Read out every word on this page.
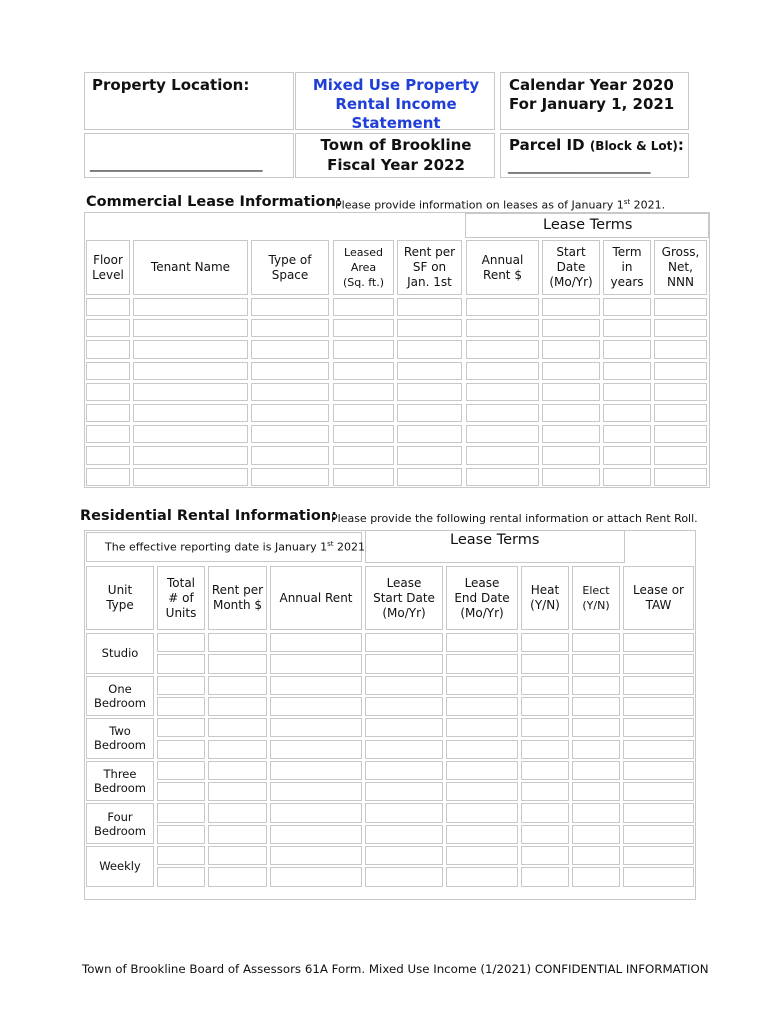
Property Location:
_______________________
Mixed Use Property
Rental Income
Statement
Town of Brookline
Fiscal Year 2022
Calendar Year 2020
For January 1, 2021
Parcel ID (Block & Lot):
___________________
Commercial Lease Information:
Please provide information on leases as of January 1st 2021.
Lease Terms
Floor
Level
Tenant Name
Type of
Space
Leased
Area
(Sq. ft.)
Rent per
SF on
Jan. 1st
Annual
Rent $
Start
Date
(Mo/Yr)
Term
in
years
Gross,
Net,
NNN
Residential Rental Information:
Please provide the following rental information or attach Rent Roll.
The effective reporting date is January 1st 2021	Lease Terms
Unit
Type
Total
# of
Units
Rent per
Month $
Annual Rent
Lease
Start Date
(Mo/Yr)
Lease
End Date
(Mo/Yr)
Heat
(Y/N)
Elect
(Y/N)
Lease or
TAW
Studio
One
Bedroom
Two
Bedroom
Three
Bedroom
Four
Bedroom
Weekly
Town of Brookline Board of Assessors 61A Form. Mixed Use Income (1/2021) CONFIDENTIAL INFORMATION
